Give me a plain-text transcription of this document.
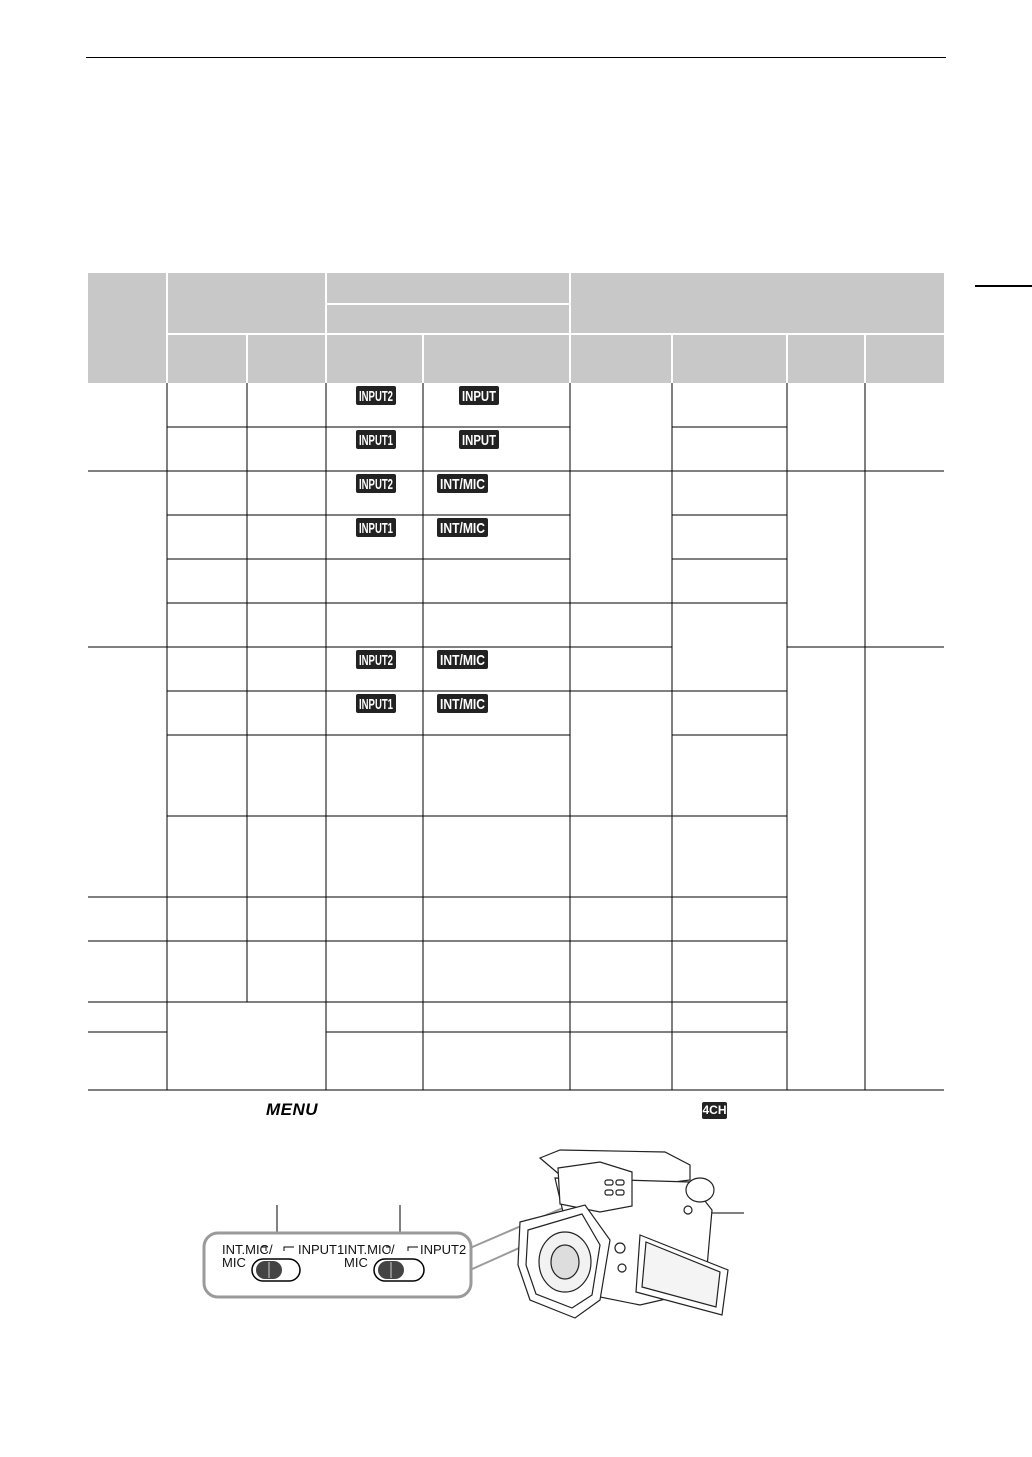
INPUT2	INPUT
INPUT1	INPUT
INPUT2	INT/MIC
INPUT1	INT/MIC
INPUT2	INT/MIC
INPUT1	INT/MIC
MENU	4CH
INT.MIC/
MIC
INPUT1 INT.MIC/
MIC
INPUT2
